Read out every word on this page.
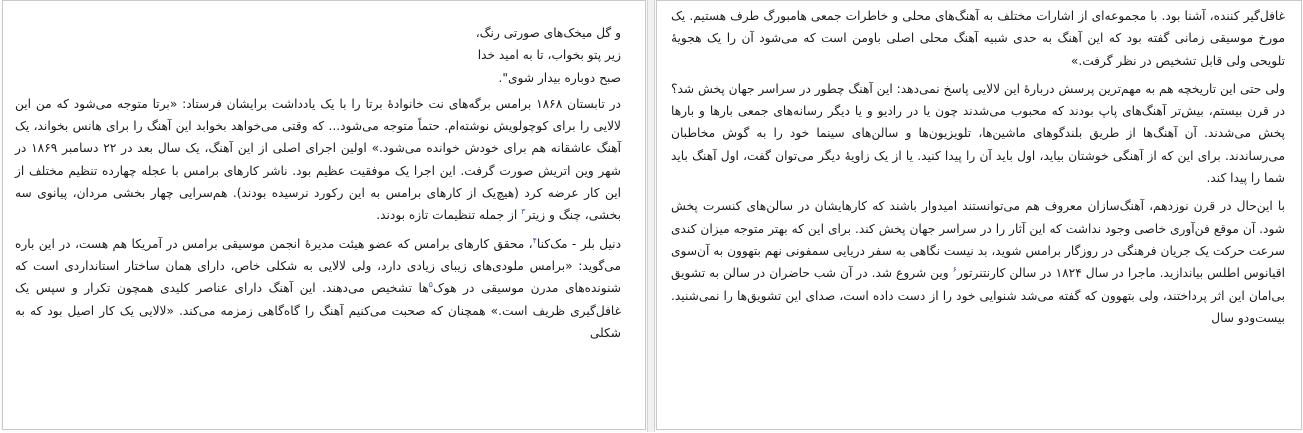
و گل میخک‌های صورتی رنگ،

زیر پتو بخواب، تا به امید خدا

صبح دوباره بیدار شوی".

در تابستان ۱۸۶۸ برامس برگه‌های نت خانوادهٔ برتا را با یک یادداشت برایشان فرستاد: «برتا متوجه می‌شود که من این لالایی را برای کوچولویش نوشته‌ام. حتماً متوجه می‌شود... که وقتی می‌خواهد بخوابد این آهنگ را برای هانس بخواند، یک آهنگ عاشقانه هم برای خودش خوانده می‌شود.» اولین اجرای اصلی از این آهنگ، یک سال بعد در ۲۲ دسامبر ۱۸۶۹ در شهر وین اتریش صورت گرفت. این اجرا یک موفقیت عظیم بود. ناشر کارهای برامس با عجله چهارده تنظیم مختلف از این کار عرضه کرد (هیچ‌یک از کارهای برامس به این رکورد نرسیده بودند). هم‌سرایی چهار بخشی مردان، پیانوی سه بخشی، چنگ و زیتر$^۳$ از جمله تنظیمات تازه بودند.

دنیل بلر - مک‌کنا$^۴$، محقق کارهای برامس که عضو هیئت مدیرهٔ انجمن موسیقی برامس در آمریکا هم هست، در این باره می‌گوید: «برامس ملودی‌های زیبای زیادی دارد، ولی لالایی به شکلی خاص، دارای همان ساختار استانداردی است که شنونده‌های مدرن موسیقی در هوک$^۵$‌ها تشخیص می‌دهند. این آهنگ دارای عناصر کلیدی همچون تکرار و سپس یک غافل‌گیری ظریف است.» همچنان که صحبت می‌کنیم آهنگ را گاه‌گاهی زمزمه می‌کند. «لالایی یک کار اصیل بود که به شکلی

غافل‌گیر کننده، آشنا بود. با مجموعه‌ای از اشارات مختلف به آهنگ‌های محلی و خاطرات جمعی هامبورگ طرف هستیم. یک مورخ موسیقی زمانی گفته بود که این آهنگ به حدی شبیه آهنگ محلی اصلی باومن است که می‌شود آن را یک هجویهٔ تلویحی ولی قابل تشخیص در نظر گرفت.»

ولی حتی این تاریخچه هم به مهم‌ترین پرسش دربارهٔ این لالایی پاسخ نمی‌دهد: این آهنگ چطور در سراسر جهان پخش شد؟ در قرن بیستم، بیش‌تر آهنگ‌های پاپ بودند که محبوب می‌شدند چون یا در رادیو و یا دیگر رسانه‌های جمعی بارها و بارها پخش می‌شدند. آن آهنگ‌ها از طریق بلندگوهای ماشین‌ها، تلویزیون‌ها و سالن‌های سینما خود را به گوش مخاطبان می‌رساندند. برای این که از آهنگی خوشتان بیاید، اول باید آن را پیدا کنید. یا از یک زاویهٔ دیگر می‌توان گفت، اول آهنگ باید شما را پیدا کند.

با این‌حال در قرن نوزدهم، آهنگ‌سازان معروف هم می‌توانستند امیدوار باشند که کارهایشان در سالن‌های کنسرت پخش شود. آن موقع فن‌آوری خاصی وجود نداشت که این آثار را در سراسر جهان پخش کند. برای این که بهتر متوجه میزان کندی سرعت حرکت یک جریان فرهنگی در روزگار برامس شوید، بد نیست نگاهی به سفر دریایی سمفونی نهم بتهوون به آن‌سوی اقیانوس اطلس بیاندازید. ماجرا در سال ۱۸۲۴ در سالن کارنتنرتور$^۶$ وین شروع شد. در آن شب حاضران در سالن به تشویق بی‌امان این اثر پرداختند، ولی بتهوون که گفته می‌شد شنوایی خود را از دست داده است، صدای این تشویق‌ها را نمی‌شنید. بیست‌ودو سال
